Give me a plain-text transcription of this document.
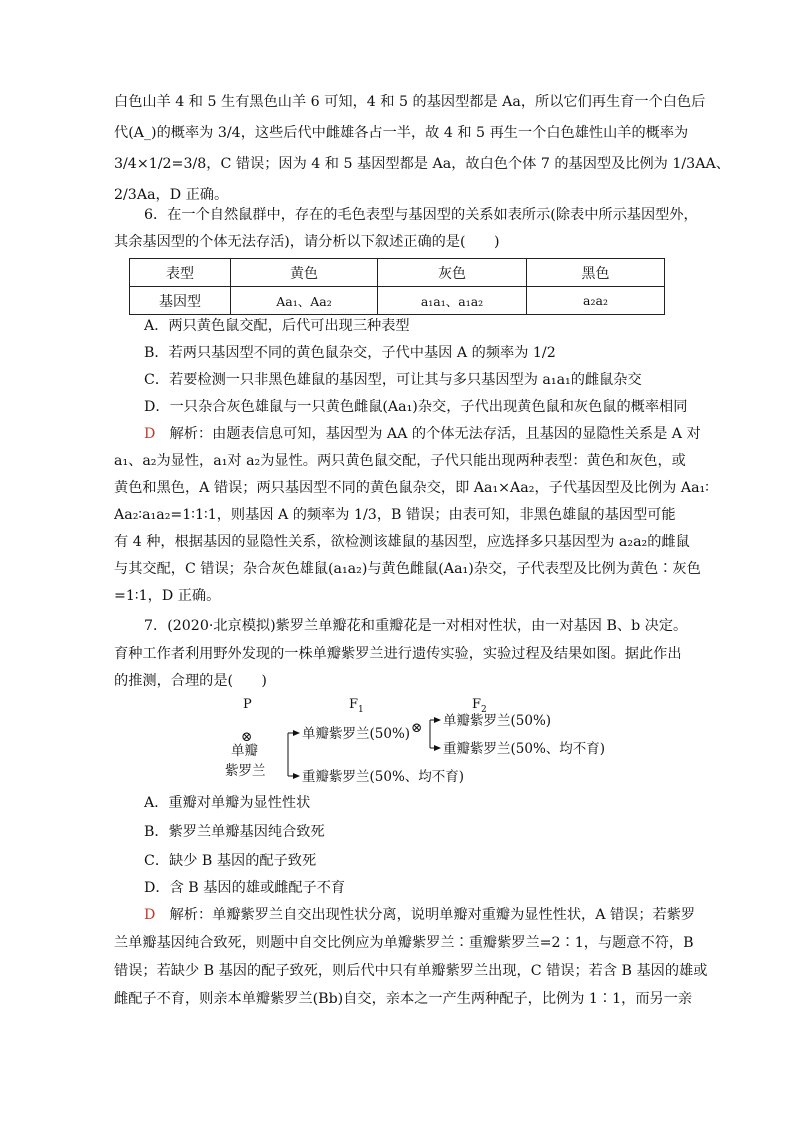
白色山羊 4 和 5 生有黑色山羊 6 可知，4 和 5 的基因型都是 Aa，所以它们再生育一个白色后
代(A_)的概率为 3/4，这些后代中雌雄各占一半，故 4 和 5 再生一个白色雄性山羊的概率为
3/4×1/2=3/8，C 错误；因为 4 和 5 基因型都是 Aa，故白色个体 7 的基因型及比例为 1/3AA、
2/3Aa，D 正确。
6．在一个自然鼠群中，存在的毛色表型与基因型的关系如表所示(除表中所示基因型外，
其余基因型的个体无法存活)，请分析以下叙述正确的是(　　)
表型	黄色	灰色	黑色
基因型	Aa₁、Aa₂	a₁a₁、a₁a₂	a₂a₂
A．两只黄色鼠交配，后代可出现三种表型
B．若两只基因型不同的黄色鼠杂交，子代中基因 A 的频率为 1/2
C．若要检测一只非黑色雄鼠的基因型，可让其与多只基因型为 a₁a₁的雌鼠杂交
D．一只杂合灰色雄鼠与一只黄色雌鼠(Aa₁)杂交，子代出现黄色鼠和灰色鼠的概率相同
D　 解析：由题表信息可知，基因型为 AA 的个体无法存活，且基因的显隐性关系是 A 对
a₁、a₂为显性，a₁对 a₂为显性。两只黄色鼠交配，子代只能出现两种表型：黄色和灰色，或
黄色和黑色，A 错误；两只基因型不同的黄色鼠杂交，即 Aa₁×Aa₂，子代基因型及比例为 Aa₁∶
Aa₂∶a₁a₂=1∶1∶1，则基因 A 的频率为 1/3，B 错误；由表可知，非黑色雄鼠的基因型可能
有 4 种，根据基因的显隐性关系，欲检测该雄鼠的基因型，应选择多只基因型为 a₂a₂的雌鼠
与其交配，C 错误；杂合灰色雄鼠(a₁a₂)与黄色雌鼠(Aa₁)杂交，子代表型及比例为黄色∶灰色
=1∶1，D 正确。
7．(2020·北京模拟)紫罗兰单瓣花和重瓣花是一对相对性状，由一对基因 B、b 决定。
育种工作者利用野外发现的一株单瓣紫罗兰进行遗传实验，实验过程及结果如图。据此作出
的推测，合理的是(　　)
P	$F_1$	$F_2$
单瓣
紫罗兰
⊗	单瓣紫罗兰(50%)
重瓣紫罗兰(50%、均不育)
⊗ 单瓣紫罗兰(50%)
重瓣紫罗兰(50%、均不育)
A．重瓣对单瓣为显性性状
B．紫罗兰单瓣基因纯合致死
C．缺少 B 基因的配子致死
D．含 B 基因的雄或雌配子不育
D　 解析：单瓣紫罗兰自交出现性状分离，说明单瓣对重瓣为显性性状，A 错误；若紫罗
兰单瓣基因纯合致死，则题中自交比例应为单瓣紫罗兰∶重瓣紫罗兰=2∶1，与题意不符，B
错误；若缺少 B 基因的配子致死，则后代中只有单瓣紫罗兰出现，C 错误；若含 B 基因的雄或
雌配子不育，则亲本单瓣紫罗兰(Bb)自交，亲本之一产生两种配子，比例为 1∶1，而另一亲
